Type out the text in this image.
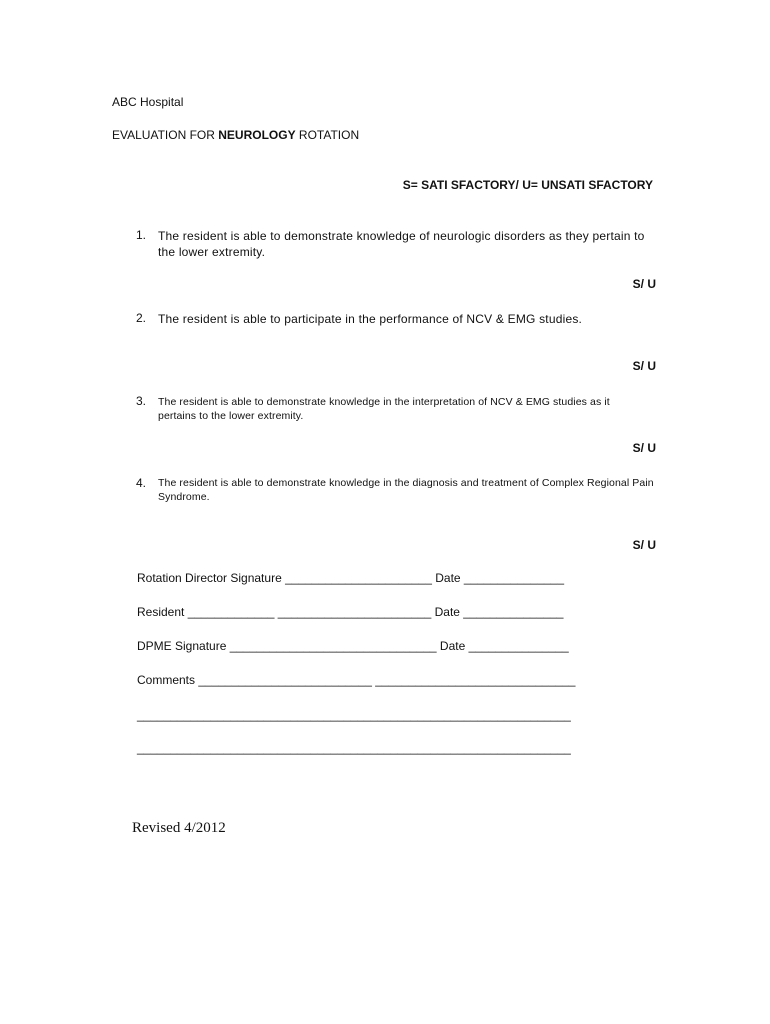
ABC Hospital
EVALUATION FOR NEUROLOGY ROTATION
S= SATI SFACTORY/ U= UNSATI SFACTORY
1. The resident is able to demonstrate knowledge of neurologic disorders as they pertain to the lower extremity.
S/ U
2. The resident is able to participate in the performance of NCV & EMG studies.
S/ U
3. The resident is able to demonstrate knowledge in the interpretation of NCV & EMG studies as it pertains to the lower extremity.
S/ U
4. The resident is able to demonstrate knowledge in the diagnosis and treatment of Complex Regional Pain Syndrome.
S/ U
Rotation Director Signature ______________________ Date _______________
Resident _____________ _______________________ Date _______________
DPME Signature _______________________________ Date _______________
Comments __________________________ ______________________________
_________________________________________________________________
_________________________________________________________________
Revised 4/2012
